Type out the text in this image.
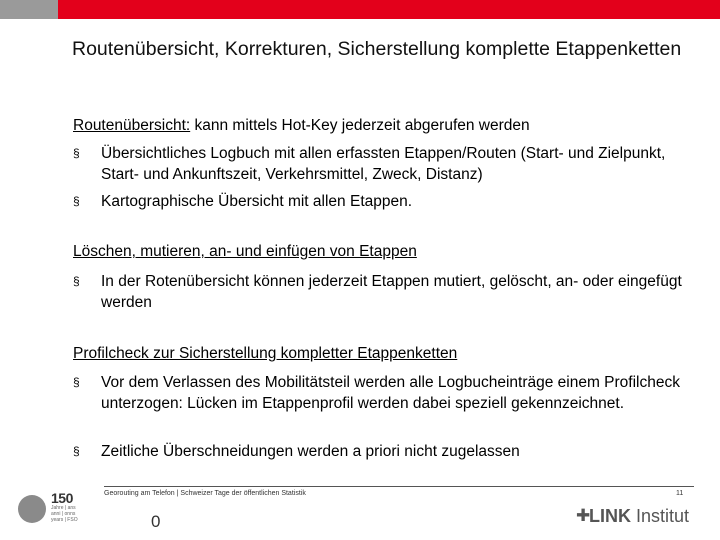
Routenübersicht, Korrekturen, Sicherstellung komplette Etappenketten
Routenübersicht: kann mittels Hot-Key jederzeit abgerufen werden
§ Übersichtliches Logbuch mit allen erfassten Etappen/Routen (Start- und Zielpunkt, Start- und Ankunftszeit, Verkehrsmittel, Zweck, Distanz)
§ Kartographische Übersicht mit allen Etappen.
Löschen, mutieren, an- und einfügen von Etappen
§ In der Rotenübersicht können jederzeit Etappen mutiert, gelöscht, an- oder eingefügt werden
Profilcheck zur Sicherstellung kompletter Etappenketten
§ Vor dem Verlassen des Mobilitätsteil werden alle Logbucheinträge einem Profilcheck unterzogen: Lücken im Etappenprofil werden dabei speziell gekennzeichnet.
§ Zeitliche Überschneidungen werden a priori nicht zugelassen
Georouting am Telefon | Schweizer Tage der öffentlichen Statistik	11
0
150
Jahre | ans
anni | onns
years | FSO	✚
LINK Institut
